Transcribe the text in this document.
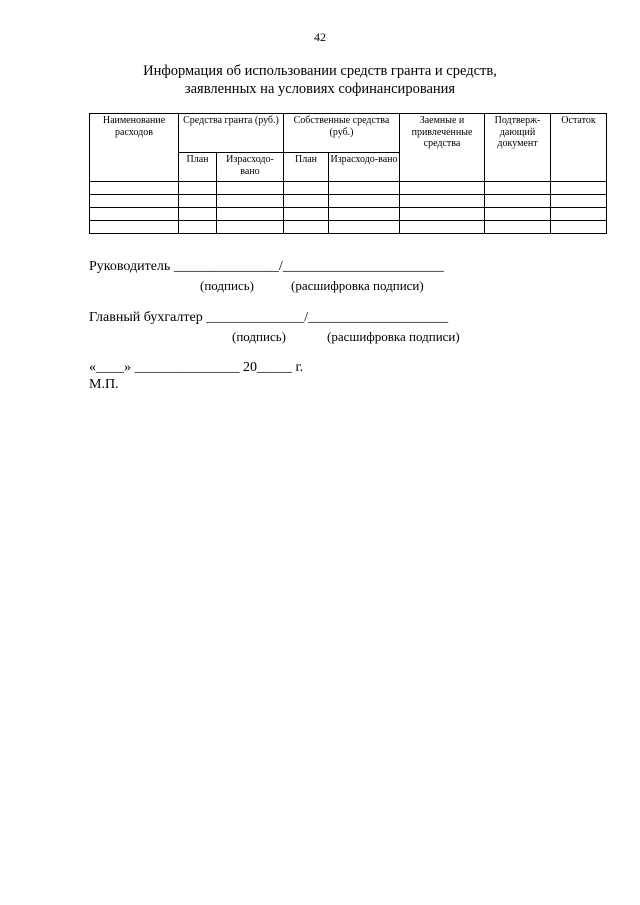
42
Информация об использовании средств гранта и средств,
заявленных на условиях софинансирования
Наименование расходов	Средства гранта (руб.)		Собственные средства (руб.)		Заемные и привлеченные средства	Подтверж-дающий документ	Остаток
	План	Израсходо-вано	План	Израсходо-вано			

Руководитель _______________/_______________________
(подпись)	(расшифровка подписи)
Главный бухгалтер ______________/____________________
(подпись)	(расшифровка подписи)
«____» _______________ 20_____ г.
М.П.
